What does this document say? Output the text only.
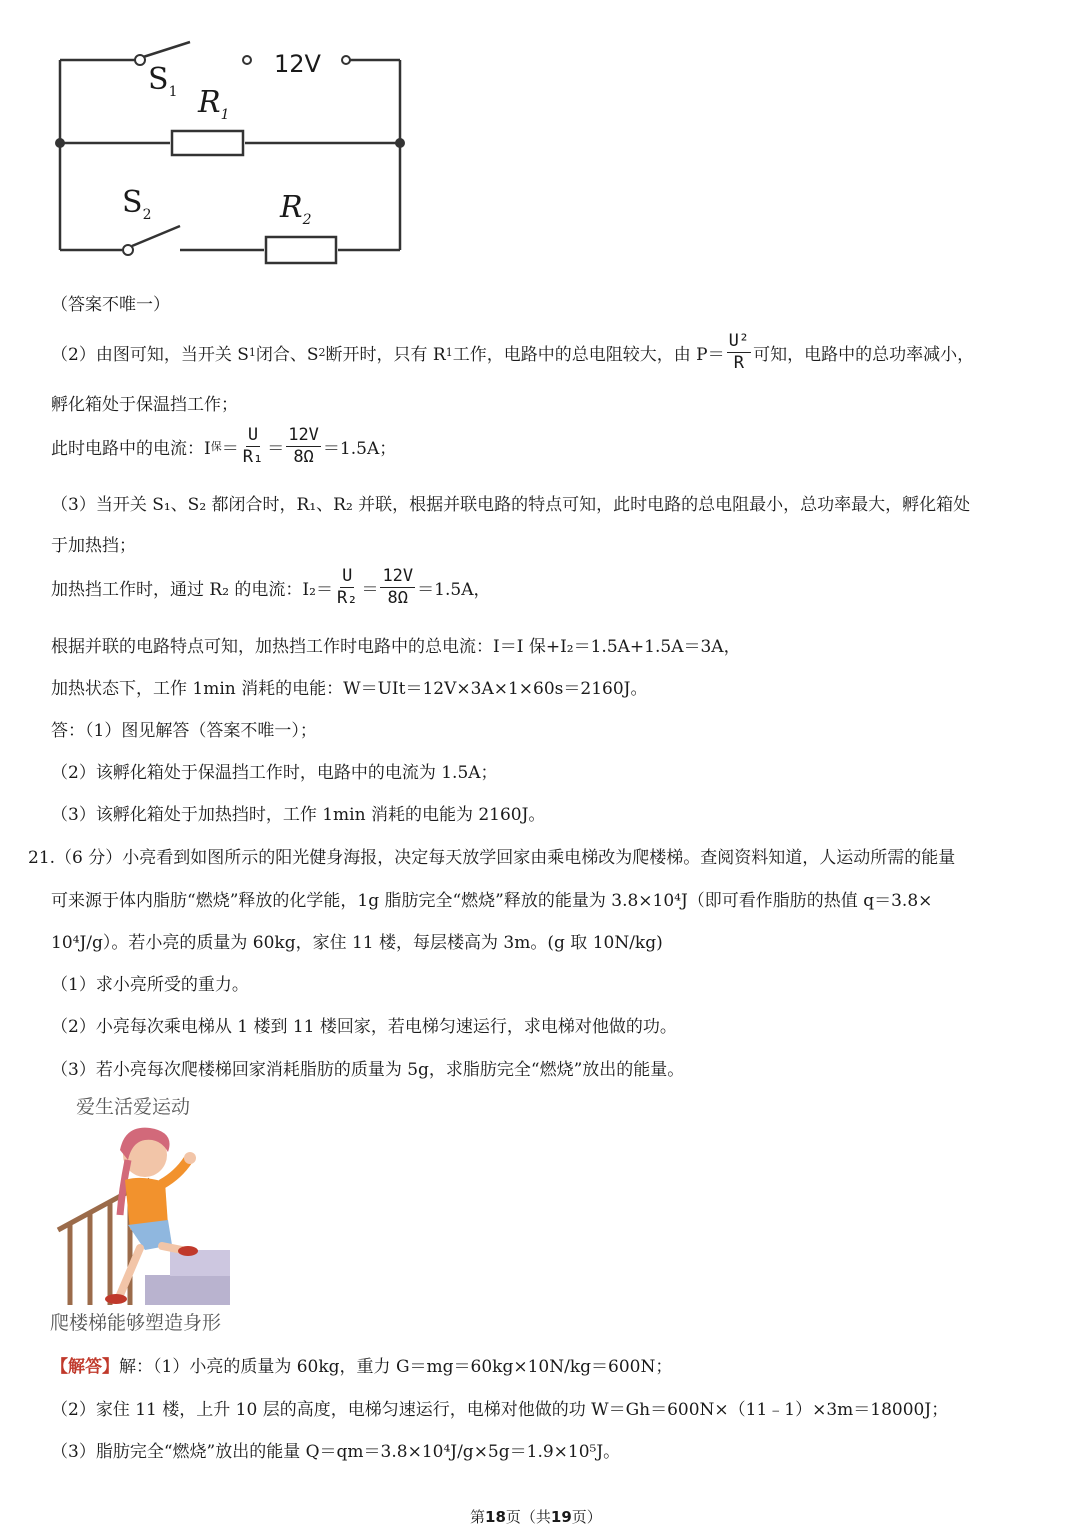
12V
$S_1$ $R_1$
$S_2$	$R_2$
（答案不唯一）
（2）由图可知，当开关 S 1 闭合、S 2 断开时，只有 R 1 工作，电路中的总电阻较大，由 $P= \frac{\text{U²}}{R}$ 可知，电路中的总功率减小，
孵化箱处于保温挡工作；
此时电路中的电流：I 保 ＝ $\frac{U}{\text{R₁}} = \frac{12V}{8\Omega} =1.5A$；
（3）当开关 S₁、S₂ 都闭合时，R₁、R₂ 并联，根据并联电路的特点可知，此时电路的总电阻最小，总功率最大，孵化箱处
于加热挡；
加热挡工作时，通过 R₂ 的电流：$I_2= \frac{U}{\text{R₂}} = \frac{12V}{8\Omega} =1.5A$，
根据并联的电路特点可知，加热挡工作时电路中的总电流：I＝I 保+I₂＝1.5A+1.5A＝3A，
加热状态下，工作 1min 消耗的电能：W＝UIt＝12V×3A×1×60s＝2160J。
答：（1）图见解答（答案不唯一）；
（2）该孵化箱处于保温挡工作时，电路中的电流为 1.5A；
（3）该孵化箱处于加热挡时，工作 1min 消耗的电能为 2160J。
21.（6 分）小亮看到如图所示的阳光健身海报，决定每天放学回家由乘电梯改为爬楼梯。查阅资料知道，人运动所需的能量
可来源于体内脂肪“燃烧”释放的化学能，1g 脂肪完全“燃烧”释放的能量为 3.8×10⁴J（即可看作脂肪的热值 q＝3.8×
10⁴J/g）。若小亮的质量为 60kg，家住 11 楼，每层楼高为 3m。(g 取 10N/kg)
（1）求小亮所受的重力。
（2）小亮每次乘电梯从 1 楼到 11 楼回家，若电梯匀速运行，求电梯对他做的功。
（3）若小亮每次爬楼梯回家消耗脂肪的质量为 5g，求脂肪完全“燃烧”放出的能量。
爱生活爱运动
爬楼梯能够塑造身形
【解答】解：（1）小亮的质量为 60kg，重力 G＝mg＝60kg×10N/kg＝600N；
（2）家住 11 楼，上升 10 层的高度，电梯匀速运行，电梯对他做的功 W＝Gh＝600N×（11﹣1）×3m＝18000J；
（3）脂肪完全“燃烧”放出的能量 Q＝qm＝3.8×10⁴J/g×5g＝1.9×10⁵J。
第18页（共19页）
